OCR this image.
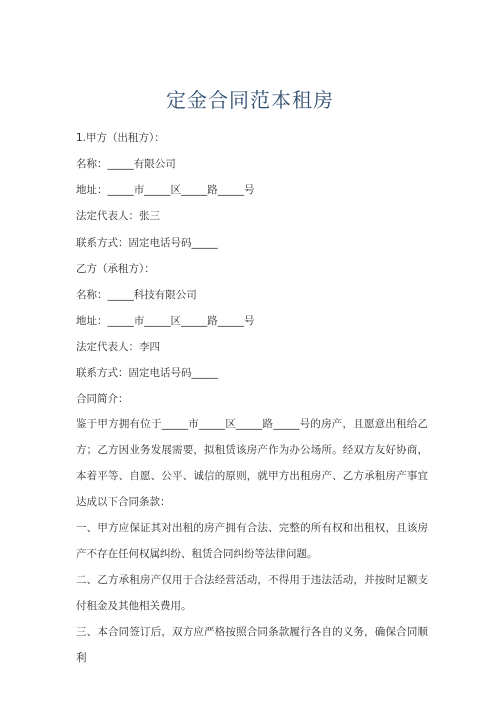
定金合同范本租房
1.甲方（出租方）：
名称：_____有限公司
地址：_____市_____区_____路_____号
法定代表人：张三
联系方式：固定电话号码_____
乙方（承租方）：
名称：_____科技有限公司
地址：_____市_____区_____路_____号
法定代表人：李四
联系方式：固定电话号码_____
合同简介：
鉴于甲方拥有位于_____市_____区_____路_____号的房产，且愿意出租给乙方；乙方因业务发展需要，拟租赁该房产作为办公场所。经双方友好协商，本着平等、自愿、公平、诚信的原则，就甲方出租房产、乙方承租房产事宜达成以下合同条款：
一、甲方应保证其对出租的房产拥有合法、完整的所有权和出租权，且该房产不存在任何权属纠纷、租赁合同纠纷等法律问题。
二、乙方承租房产仅用于合法经营活动，不得用于违法活动，并按时足额支付租金及其他相关费用。
三、本合同签订后，双方应严格按照合同条款履行各自的义务，确保合同顺利
